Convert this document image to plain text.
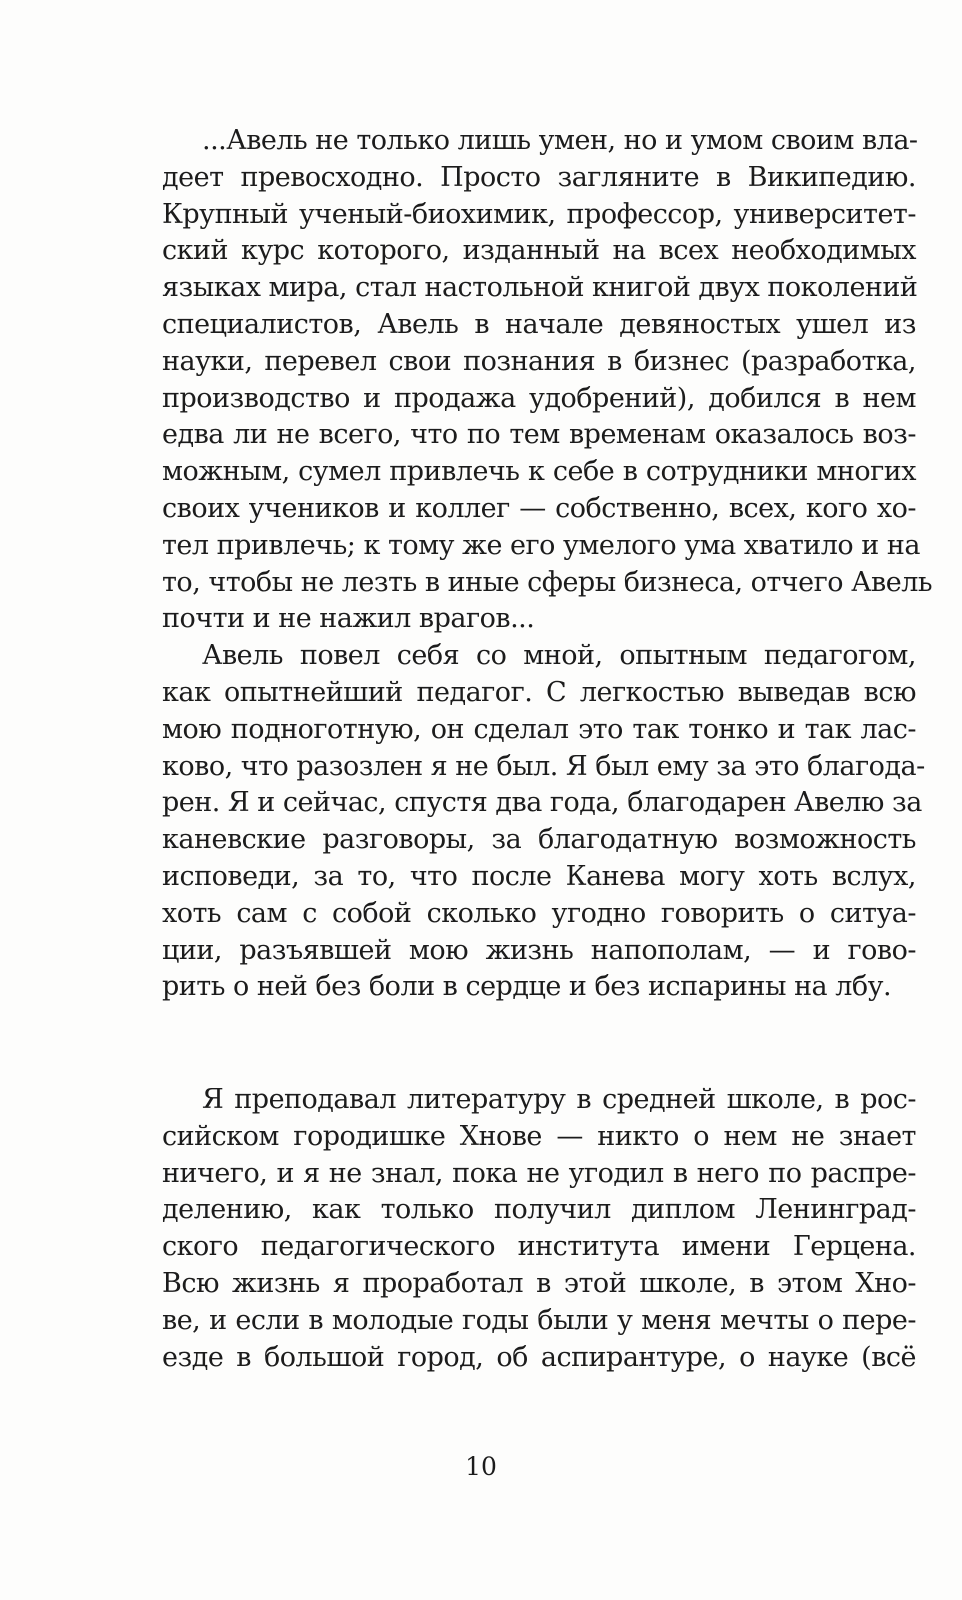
...Авель не только лишь умен, но и умом своим вла-
деет превосходно. Просто загляните в Википедию.
Крупный ученый-биохимик, профессор, университет-
ский курс которого, изданный на всех необходимых
языках мира, стал настольной книгой двух поколений
специалистов, Авель в начале девяностых ушел из
науки, перевел свои познания в бизнес (разработка,
производство и продажа удобрений), добился в нем
едва ли не всего, что по тем временам оказалось воз-
можным, сумел привлечь к себе в сотрудники многих
своих учеников и коллег — собственно, всех, кого хо-
тел привлечь; к тому же его умелого ума хватило и на
то, чтобы не лезть в иные сферы бизнеса, отчего Авель
почти и не нажил врагов...
Авель повел себя со мной, опытным педагогом,
как опытнейший педагог. С легкостью выведав всю
мою подноготную, он сделал это так тонко и так лас-
ково, что разозлен я не был. Я был ему за это благода-
рен. Я и сейчас, спустя два года, благодарен Авелю за
каневские разговоры, за благодатную возможность
исповеди, за то, что после Канева могу хоть вслух,
хоть сам с собой сколько угодно говорить о ситуа-
ции, разъявшей мою жизнь напополам, — и гово-
рить о ней без боли в сердце и без испарины на лбу.
Я преподавал литературу в средней школе, в рос-
сийском городишке Хнове — никто о нем не знает
ничего, и я не знал, пока не угодил в него по распре-
делению, как только получил диплом Ленинград-
ского педагогического института имени Герцена.
Всю жизнь я проработал в этой школе, в этом Хно-
ве, и если в молодые годы были у меня мечты о пере-
езде в большой город, об аспирантуре, о науке (всё
10
